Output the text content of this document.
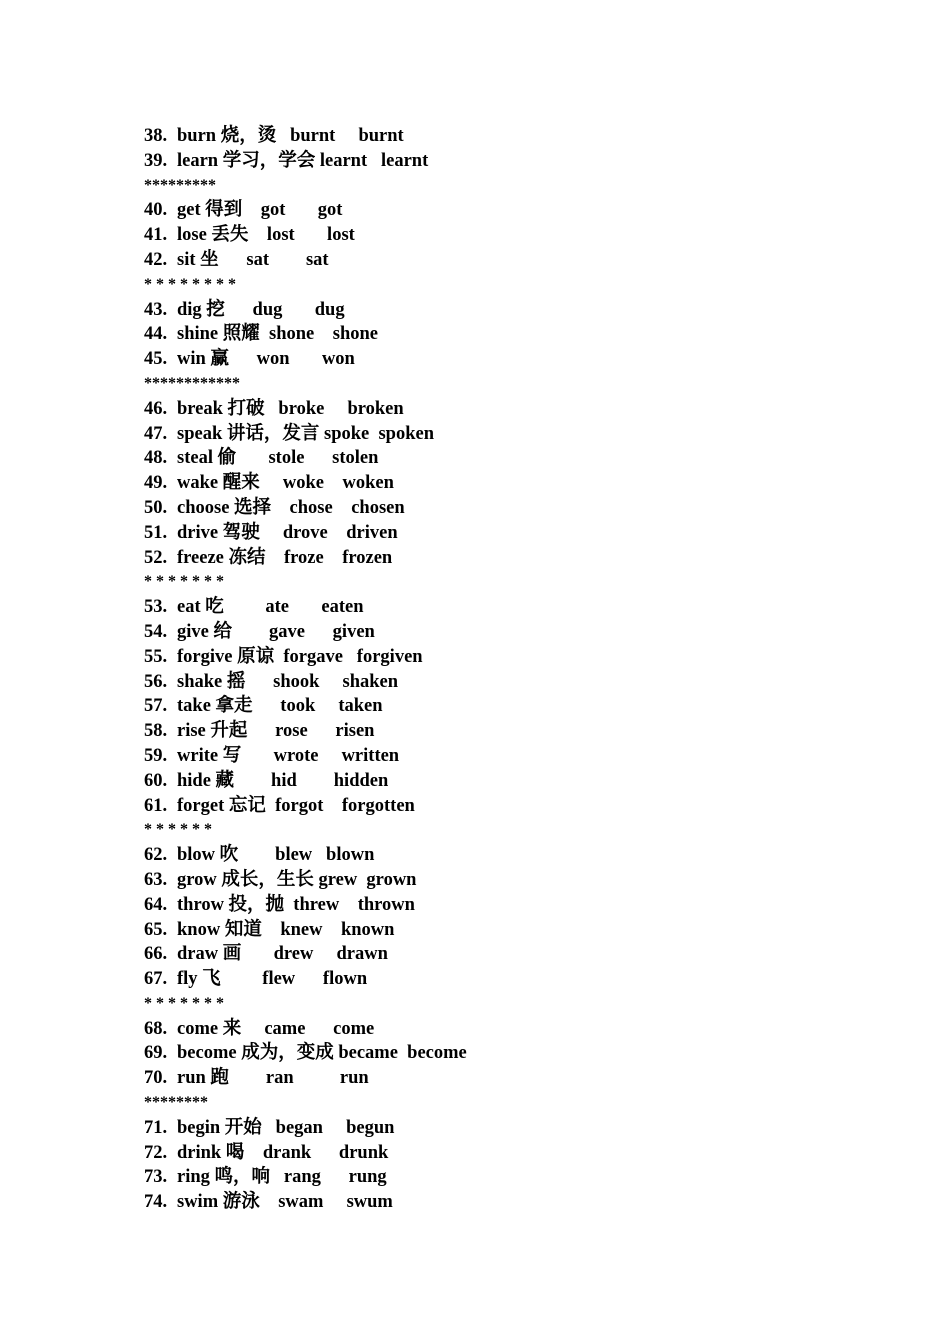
38. burn 烧，烫   burnt     burnt
39. learn 学习，学会 learnt   learnt
*********
40. get 得到    got       got
41. lose 丢失    lost       lost
42. sit 坐      sat        sat
* * * * * * * *
43. dig 挖      dug       dug
44. shine 照耀  shone    shone
45. win 赢      won       won
************
46. break 打破   broke     broken
47. speak 讲话，发言 spoke  spoken
48. steal 偷       stole      stolen
49. wake 醒来     woke    woken
50. choose 选择    chose    chosen
51. drive 驾驶     drove    driven
52. freeze 冻结    froze    frozen
* * * * * * *
53. eat 吃         ate       eaten
54. give 给        gave      given
55. forgive 原谅  forgave   forgiven
56. shake 摇      shook     shaken
57. take 拿走      took     taken
58. rise 升起      rose      risen
59. write 写       wrote     written
60. hide 藏        hid        hidden
61. forget 忘记  forgot    forgotten
* * * * * *
62. blow 吹        blew   blown
63. grow 成长，生长 grew  grown
64. throw 投，抛  threw    thrown
65. know 知道    knew    known
66. draw 画       drew     drawn
67. fly 飞         flew      flown
* * * * * * *
68. come 来     came      come
69. become 成为，变成 became  become
70. run 跑        ran          run
********
71. begin 开始   began     begun
72. drink 喝    drank      drunk
73. ring 鸣，响   rang      rung
74. swim 游泳    swam     swum
